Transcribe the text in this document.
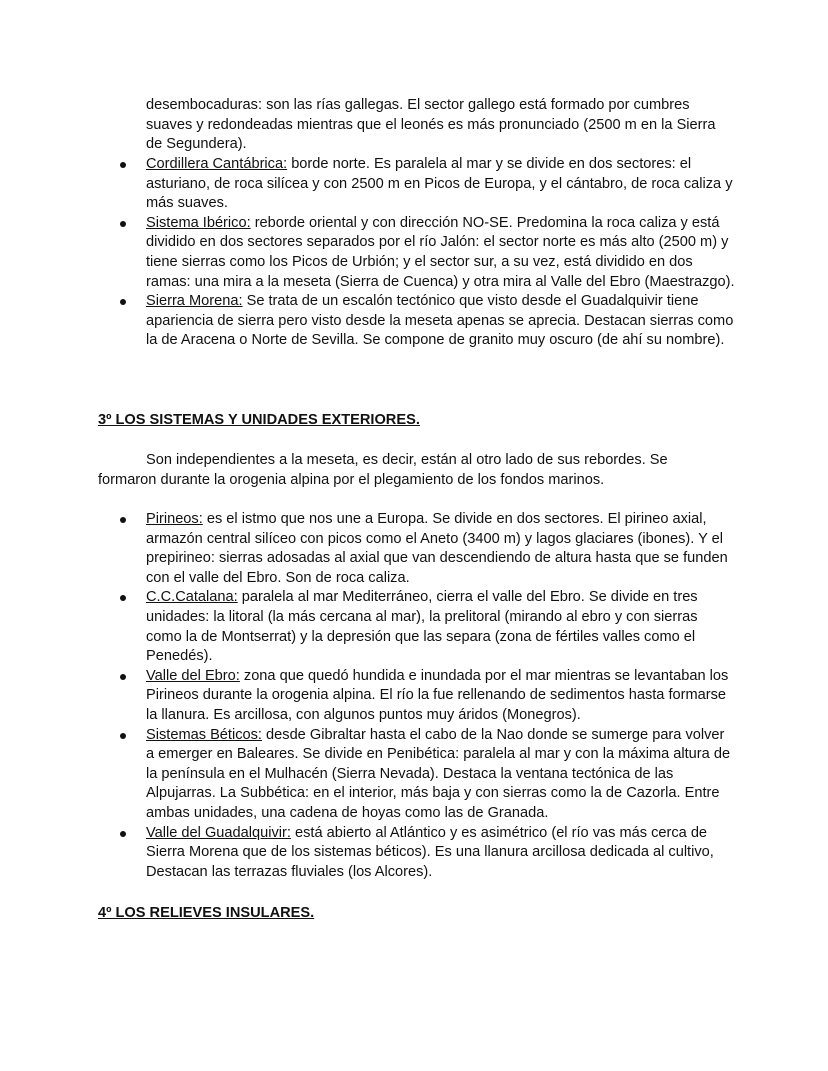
desembocaduras: son las rías gallegas. El sector gallego está formado por cumbres suaves y redondeadas mientras que el leonés es más pronunciado (2500 m en la Sierra de Segundera).

Cordillera Cantábrica: borde norte. Es paralela al mar y se divide en dos sectores: el asturiano, de roca silícea y con 2500 m en Picos de Europa, y el cántabro, de roca caliza y más suaves.
Sistema Ibérico: reborde oriental y con dirección NO-SE. Predomina la roca caliza y está dividido en dos sectores separados por el río Jalón: el sector norte es más alto (2500 m) y tiene sierras como los Picos de Urbión; y el sector sur, a su vez, está dividido en dos ramas: una mira a la meseta (Sierra de Cuenca) y otra mira al Valle del Ebro (Maestrazgo).
Sierra Morena: Se trata de un escalón tectónico que visto desde el Guadalquivir tiene apariencia de sierra pero visto desde la meseta apenas se aprecia. Destacan sierras como la de Aracena o Norte de Sevilla. Se compone de granito muy oscuro (de ahí su nombre).
3º LOS SISTEMAS Y UNIDADES EXTERIORES.

Son independientes a la meseta, es decir, están al otro lado de sus rebordes. Se formaron durante la orogenia alpina por el plegamiento de los fondos marinos.

Pirineos: es el istmo que nos une a Europa. Se divide en dos sectores. El pirineo axial, armazón central silíceo con picos como el Aneto (3400 m) y lagos glaciares (ibones). Y el prepirineo: sierras adosadas al axial que van descendiendo de altura hasta que se funden con el valle del Ebro. Son de roca caliza.
C.C.Catalana: paralela al mar Mediterráneo, cierra el valle del Ebro. Se divide en tres unidades: la litoral (la más cercana al mar), la prelitoral (mirando al ebro y con sierras como la de Montserrat) y la depresión que las separa (zona de fértiles valles como el Penedés).
Valle del Ebro: zona que quedó hundida e inundada por el mar mientras se levantaban los Pirineos durante la orogenia alpina. El río la fue rellenando de sedimentos hasta formarse la llanura. Es arcillosa, con algunos puntos muy áridos (Monegros).
Sistemas Béticos: desde Gibraltar hasta el cabo de la Nao donde se sumerge para volver a emerger en Baleares. Se divide en Penibética: paralela al mar y con la máxima altura de la península en el Mulhacén (Sierra Nevada). Destaca la ventana tectónica de las Alpujarras. La Subbética: en el interior, más baja y con sierras como la de Cazorla. Entre ambas unidades, una cadena de hoyas como las de Granada.
Valle del Guadalquivir: está abierto al Atlántico y es asimétrico (el río vas más cerca de Sierra Morena que de los sistemas béticos). Es una llanura arcillosa dedicada al cultivo, Destacan las terrazas fluviales (los Alcores).
4º LOS RELIEVES INSULARES.
